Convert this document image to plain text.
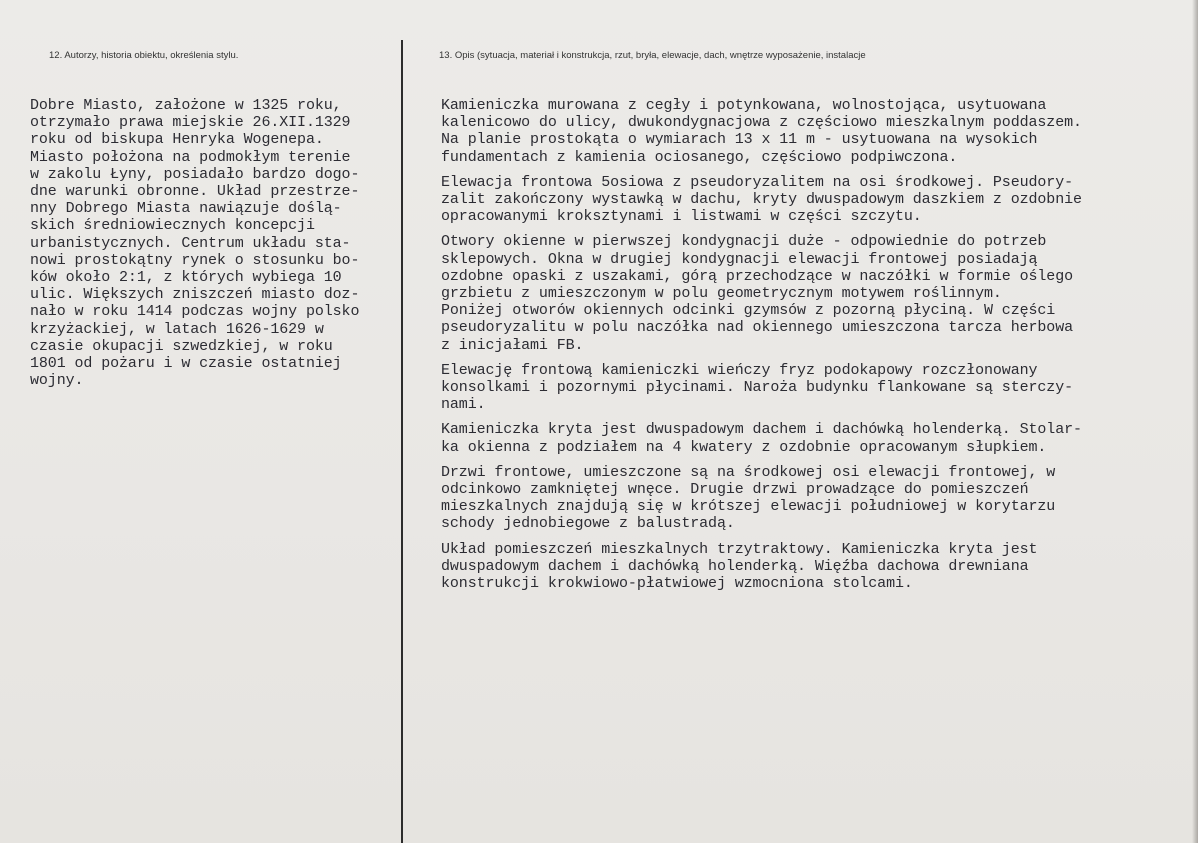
12. Autorzy, historia obiektu, określenia stylu.	13. Opis (sytuacja, materiał i konstrukcja, rzut, bryła, elewacje, dach, wnętrze wyposażenie, instalacje
Dobre Miasto, założone w 1325 roku,
otrzymało prawa miejskie 26.XII.1329
roku od biskupa Henryka Wogenepa.
Miasto położona na podmokłym terenie
w zakolu Łyny, posiadało bardzo dogo-
dne warunki obronne. Układ przestrze-
nny Dobrego Miasta nawiązuje doślą-
skich średniowiecznych koncepcji
urbanistycznych. Centrum układu sta-
nowi prostokątny rynek o stosunku bo-
ków około 2:1, z których wybiega 10
ulic. Większych zniszczeń miasto doz-
nało w roku 1414 podczas wojny polsko
krzyżackiej, w latach 1626-1629 w
czasie okupacji szwedzkiej, w roku
1801 od pożaru i w czasie ostatniej
wojny.
Kamieniczka murowana z cegły i potynkowana, wolnostojąca, usytuowana
kalenicowo do ulicy, dwukondygnacjowa z częściowo mieszkalnym poddaszem.
Na planie prostokąta o wymiarach 13 x 11 m - usytuowana na wysokich
fundamentach z kamienia ociosanego, częściowo podpiwczona.
Elewacja frontowa 5osiowa z pseudoryzalitem na osi środkowej. Pseudory-
zalit zakończony wystawką w dachu, kryty dwuspadowym daszkiem z ozdobnie
opracowanymi kroksztynami i listwami w części szczytu.
Otwory okienne w pierwszej kondygnacji duże - odpowiednie do potrzeb
sklepowych. Okna w drugiej kondygnacji elewacji frontowej posiadają
ozdobne opaski z uszakami, górą przechodzące w naczółki w formie oślego
grzbietu z umieszczonym w polu geometrycznym motywem roślinnym.
Poniżej otworów okiennych odcinki gzymsów z pozorną płyciną. W części
pseudoryzalitu w polu naczółka nad okiennego umieszczona tarcza herbowa
z inicjałami FB.
Elewację frontową kamieniczki wieńczy fryz podokapowy rozczłonowany
konsolkami i pozornymi płycinami. Naroża budynku flankowane są sterczy-
nami.
Kamieniczka kryta jest dwuspadowym dachem i dachówką holenderką. Stolar-
ka okienna z podziałem na 4 kwatery z ozdobnie opracowanym słupkiem.
Drzwi frontowe, umieszczone są na środkowej osi elewacji frontowej, w
odcinkowo zamkniętej wnęce. Drugie drzwi prowadzące do pomieszczeń
mieszkalnych znajdują się w krótszej elewacji południowej w korytarzu
schody jednobiegowe z balustradą.
Układ pomieszczeń mieszkalnych trzytraktowy. Kamieniczka kryta jest
dwuspadowym dachem i dachówką holenderką. Więźba dachowa drewniana
konstrukcji krokwiowo-płatwiowej wzmocniona stolcami.
